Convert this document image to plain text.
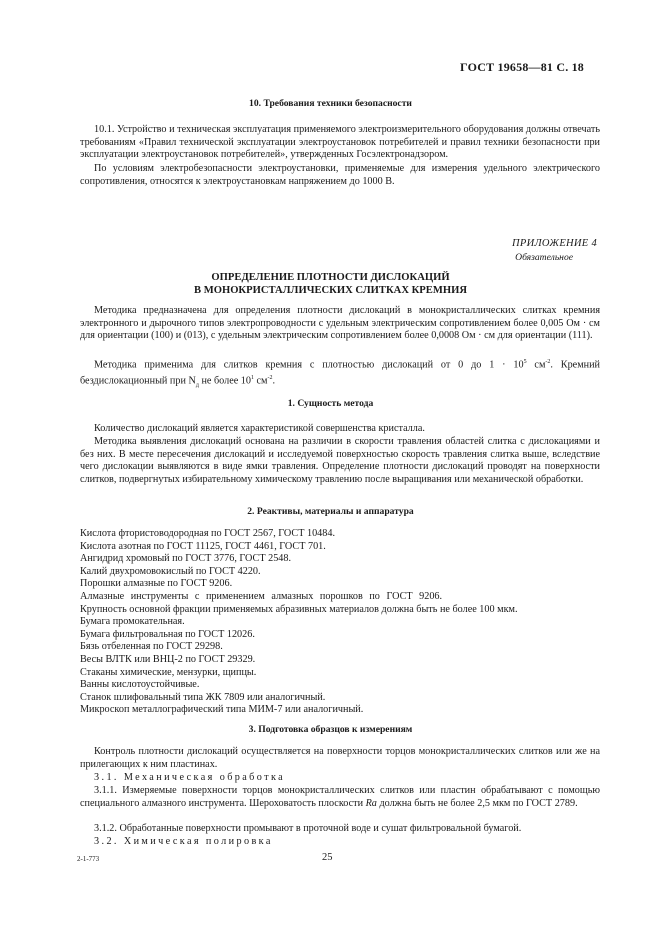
ГОСТ 19658—81 С. 18
10. Требования техники безопасности
10.1. Устройство и техническая эксплуатация применяемого электроизмерительного оборудования должны отвечать требованиям «Правил технической эксплуатации электроустановок потребителей и правил техники безопасности при эксплуатации электроустановок потребителей», утвержденных Госэлектронадзором.
По условиям электробезопасности электроустановки, применяемые для измерения удельного электрического сопротивления, относятся к электроустановкам напряжением до 1000 В.
ПРИЛОЖЕНИЕ 4
Обязательное
ОПРЕДЕЛЕНИЕ ПЛОТНОСТИ ДИСЛОКАЦИЙ
В МОНОКРИСТАЛЛИЧЕСКИХ СЛИТКАХ КРЕМНИЯ
Методика предназначена для определения плотности дислокаций в монокристаллических слитках кремния электронного и дырочного типов электропроводности с удельным электрическим сопротивлением более 0,005 Ом · см для ориентации (100) и (013), с удельным электрическим сопротивлением более 0,0008 Ом · см для ориентации (111).
Методика применима для слитков кремния с плотностью дислокаций от 0 до $1 \cdot 10^5$ $см^{-2}$. Кремний бездислокационный при $N_д$ не более $10^1$ $см^{-2}$.
1. Сущность метода
Количество дислокаций является характеристикой совершенства кристалла.
Методика выявления дислокаций основана на различии в скорости травления областей слитка с дислокациями и без них. В месте пересечения дислокаций и исследуемой поверхностью скорость травления слитка выше, вследствие чего дислокации выявляются в виде ямки травления. Определение плотности дислокаций проводят на поверхности слитков, подвергнутых избирательному химическому травлению после выращивания или механической обработки.
2. Реактивы, материалы и аппаратура
Кислота фтористоводородная по ГОСТ 2567, ГОСТ 10484.
Кислота азотная по ГОСТ 11125, ГОСТ 4461, ГОСТ 701.
Ангидрид хромовый по ГОСТ 3776, ГОСТ 2548.
Калий двухромовокислый по ГОСТ 4220.
Порошки алмазные по ГОСТ 9206.
Алмазные инструменты с применением алмазных порошков по ГОСТ 9206.
Крупность основной фракции применяемых абразивных материалов должна быть не более 100 мкм.
Бумага промокательная.
Бумага фильтровальная по ГОСТ 12026.
Бязь отбеленная по ГОСТ 29298.
Весы ВЛТК или ВНЦ-2 по ГОСТ 29329.
Стаканы химические, мензурки, щипцы.
Ванны кислотоустойчивые.
Станок шлифовальный типа ЖК 7809 или аналогичный.
Микроскоп металлографический типа МИМ-7 или аналогичный.
3. Подготовка образцов к измерениям
Контроль плотности дислокаций осуществляется на поверхности торцов монокристаллических слитков или же на прилегающих к ним пластинах.
3.1. Механическая обработка
3.1.1. Измеряемые поверхности торцов монокристаллических слитков или пластин обрабатывают с помощью специального алмазного инструмента. Шероховатость плоскости Ra должна быть не более 2,5 мкм по ГОСТ 2789.
3.1.2. Обработанные поверхности промывают в проточной воде и сушат фильтровальной бумагой.
3.2. Химическая полировка
2-1-773	25
